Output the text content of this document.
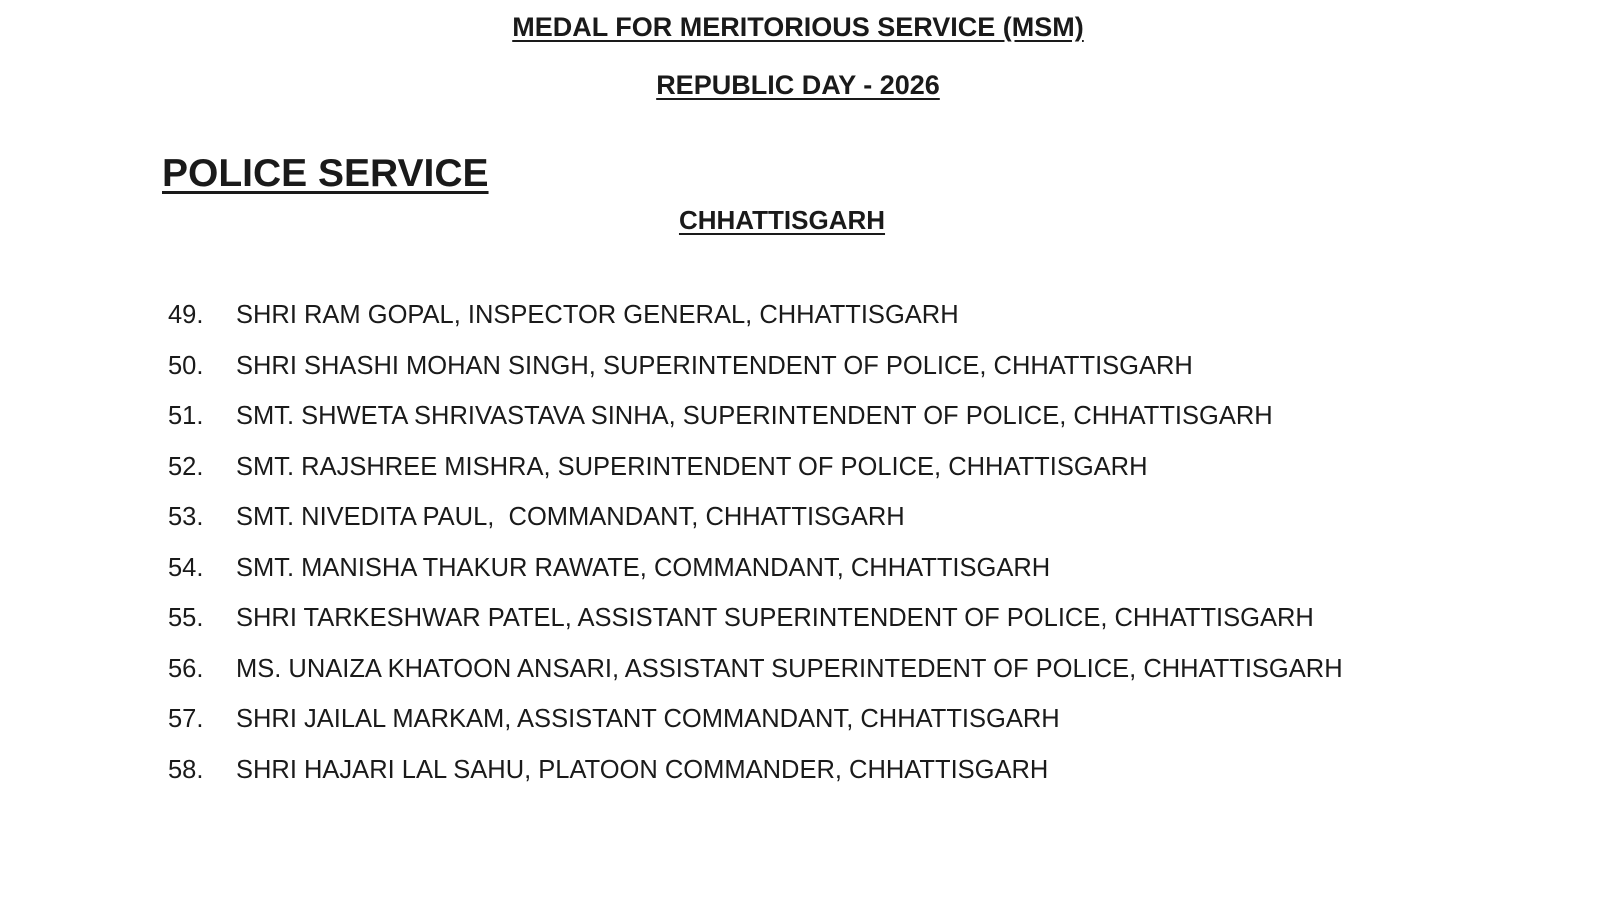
MEDAL FOR MERITORIOUS SERVICE (MSM)
REPUBLIC DAY - 2026
POLICE SERVICE
CHHATTISGARH
49.	SHRI RAM GOPAL, INSPECTOR GENERAL, CHHATTISGARH
50.	SHRI SHASHI MOHAN SINGH, SUPERINTENDENT OF POLICE, CHHATTISGARH
51.	SMT. SHWETA SHRIVASTAVA SINHA, SUPERINTENDENT OF POLICE, CHHATTISGARH
52.	SMT. RAJSHREE MISHRA, SUPERINTENDENT OF POLICE, CHHATTISGARH
53.	SMT. NIVEDITA PAUL,  COMMANDANT, CHHATTISGARH
54.	SMT. MANISHA THAKUR RAWATE, COMMANDANT, CHHATTISGARH
55.	SHRI TARKESHWAR PATEL, ASSISTANT SUPERINTENDENT OF POLICE, CHHATTISGARH
56.	MS. UNAIZA KHATOON ANSARI, ASSISTANT SUPERINTEDENT OF POLICE, CHHATTISGARH
57.	SHRI JAILAL MARKAM, ASSISTANT COMMANDANT, CHHATTISGARH
58.	SHRI HAJARI LAL SAHU, PLATOON COMMANDER, CHHATTISGARH
